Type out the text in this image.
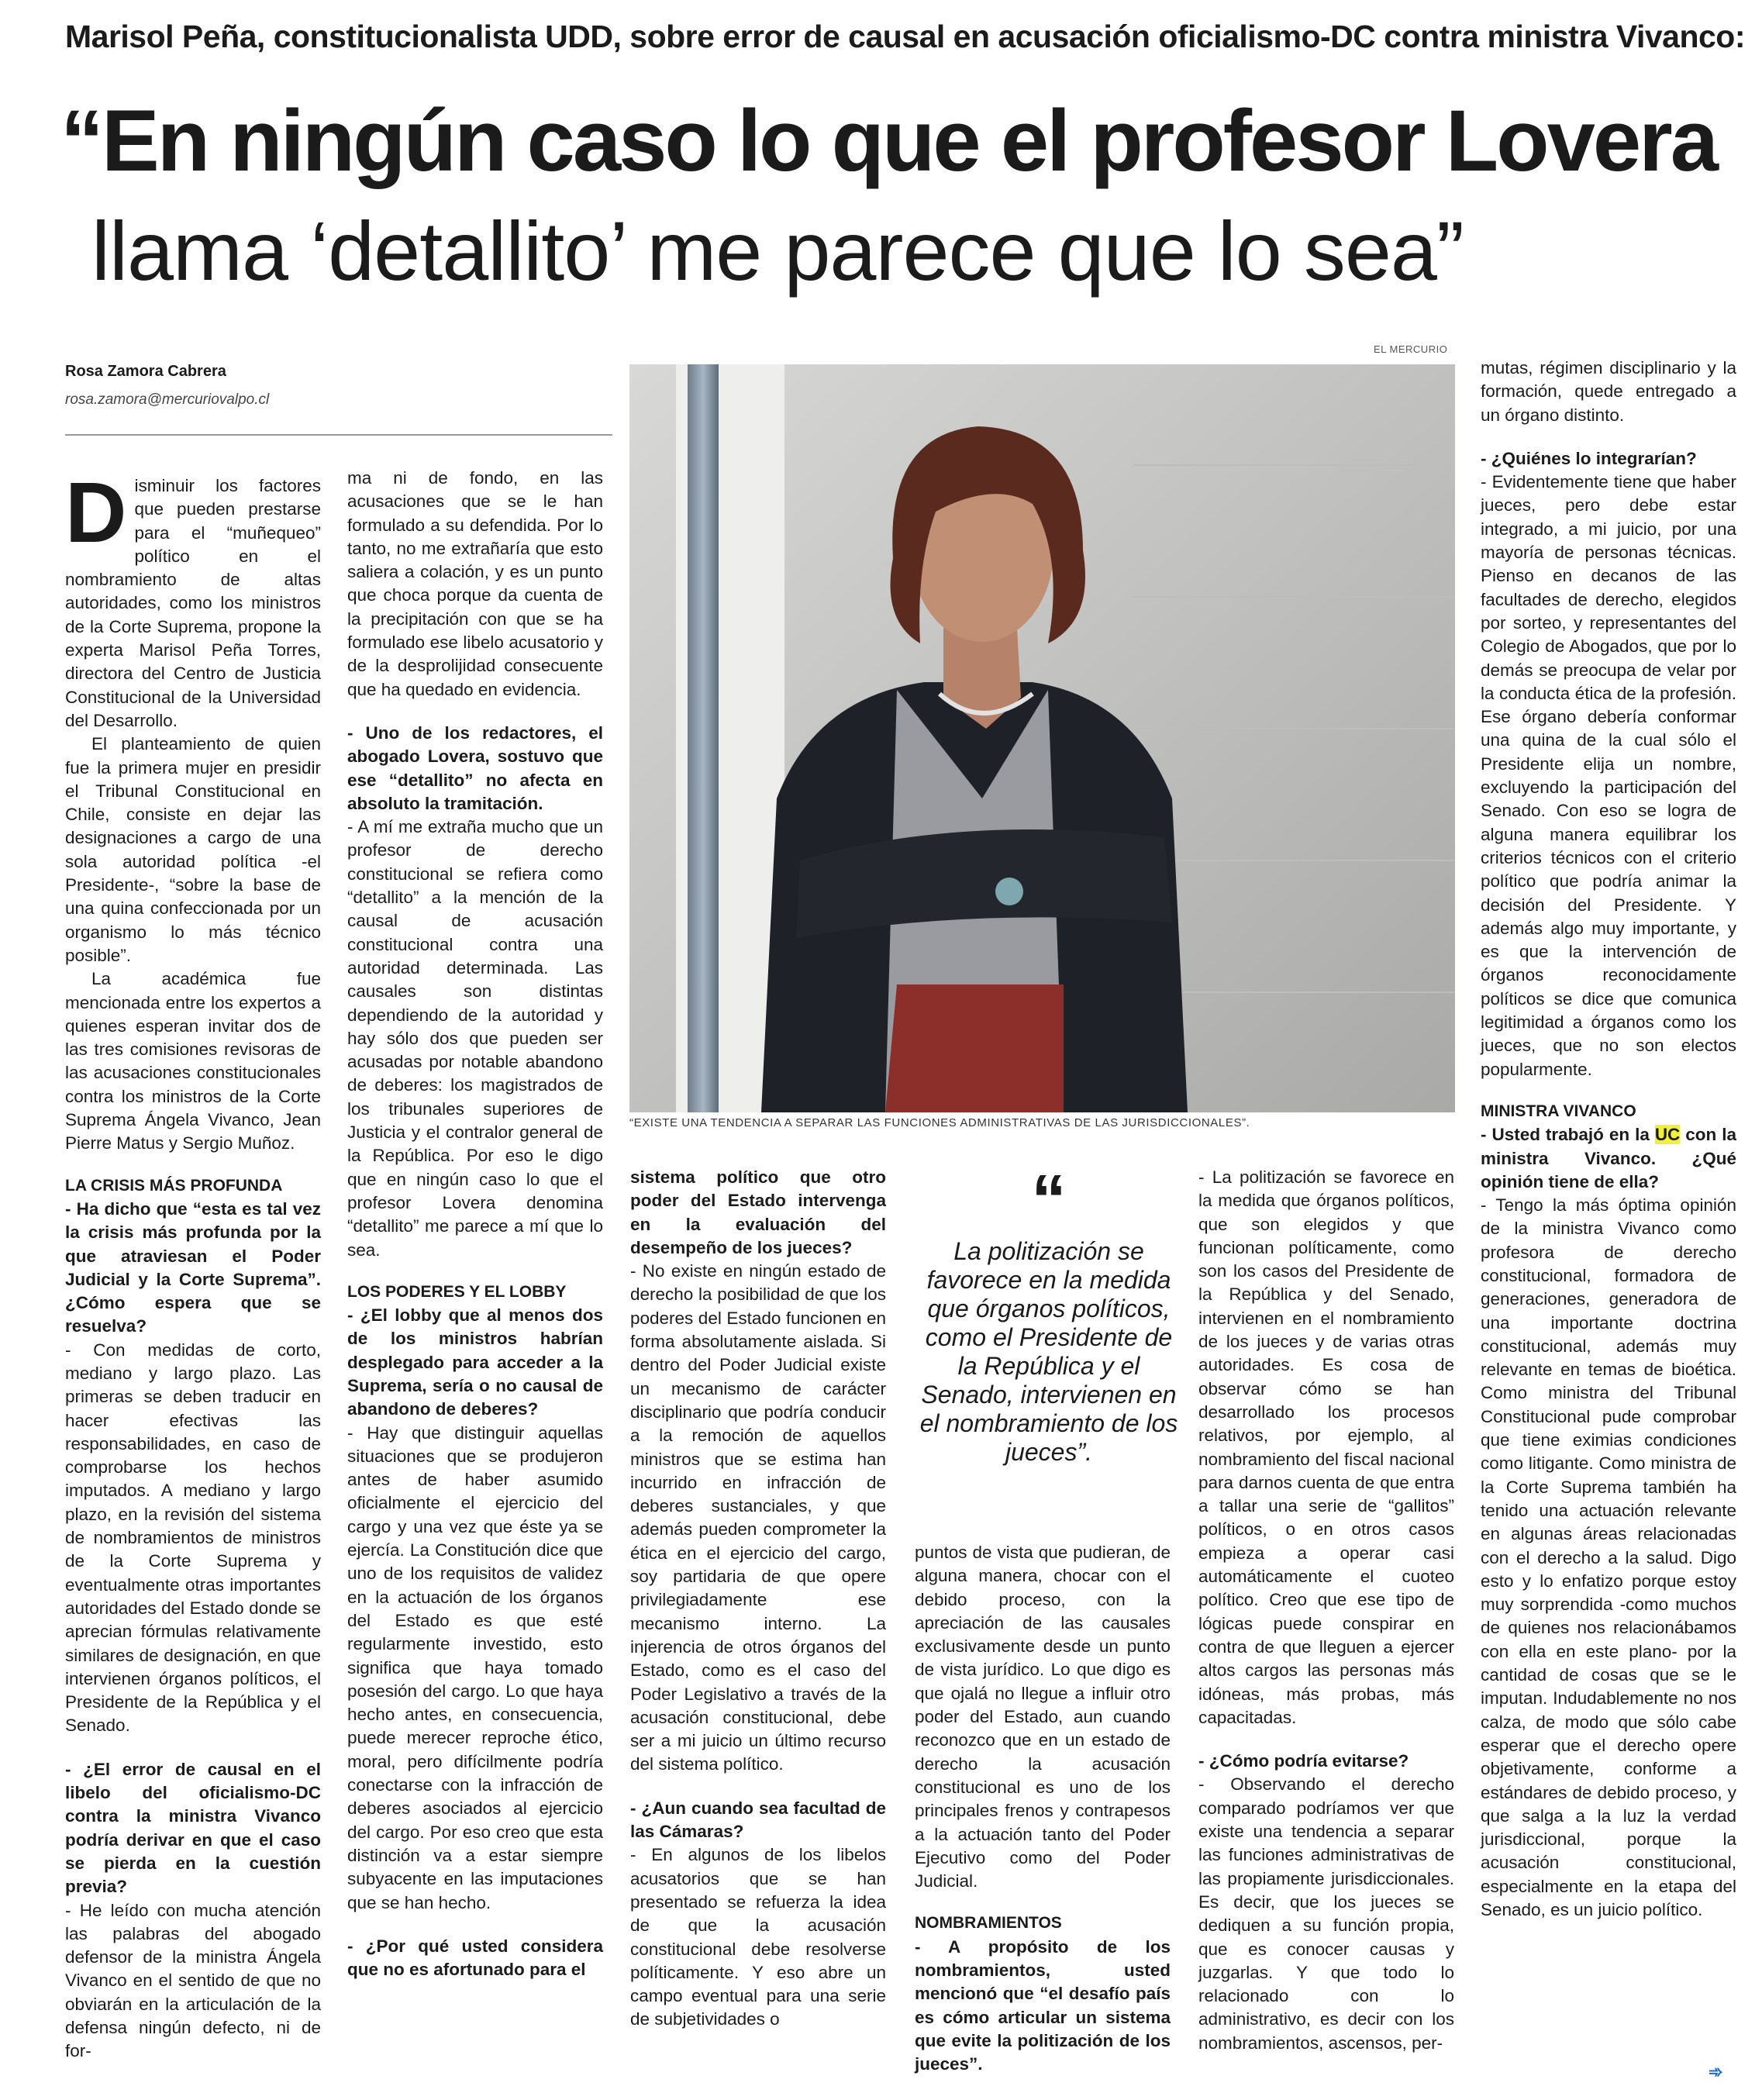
Marisol Peña, constitucionalista UDD, sobre error de causal en acusación oficialismo-DC contra ministra Vivanco:
“En ningún caso lo que el profesor Lovera
llama ‘detallito’ me parece que lo sea”
Rosa Zamora Cabrera
rosa.zamora@mercuriovalpo.cl
EL MERCURIO

Disminuir los factores que pueden prestarse para el “muñequeo” político en el nombramiento de altas autoridades, como los ministros de la Corte Suprema, propone la experta Marisol Peña Torres, directora del Centro de Justicia Constitucional de la Universidad del Desarrollo.

El planteamiento de quien fue la primera mujer en presidir el Tribunal Constitucional en Chile, consiste en dejar las designaciones a cargo de una sola autoridad política -el Presidente-, “sobre la base de una quina confeccionada por un organismo lo más técnico posible”.

La académica fue mencionada entre los expertos a quienes esperan invitar dos de las tres comisiones revisoras de las acusaciones constitucionales contra los ministros de la Corte Suprema Ángela Vivanco, Jean Pierre Matus y Sergio Muñoz.

LA CRISIS MÁS PROFUNDA

- Ha dicho que “esta es tal vez la crisis más profunda por la que atraviesan el Poder Judicial y la Corte Suprema”. ¿Cómo espera que se resuelva?

- Con medidas de corto, mediano y largo plazo. Las primeras se deben traducir en hacer efectivas las responsabilidades, en caso de comprobarse los hechos imputados. A mediano y largo plazo, en la revisión del sistema de nombramientos de ministros de la Corte Suprema y eventualmente otras importantes autoridades del Estado donde se aprecian fórmulas relativamente similares de designación, en que intervienen órganos políticos, el Presidente de la República y el Senado.

- ¿El error de causal en el libelo del oficialismo-DC contra la ministra Vivanco podría derivar en que el caso se pierda en la cuestión previa?

- He leído con mucha atención las palabras del abogado defensor de la ministra Ángela Vivanco en el sentido de que no obviarán en la articulación de la defensa ningún defecto, ni de for-

ma ni de fondo, en las acusaciones que se le han formulado a su defendida. Por lo tanto, no me extrañaría que esto saliera a colación, y es un punto que choca porque da cuenta de la precipitación con que se ha formulado ese libelo acusatorio y de la desprolijidad consecuente que ha quedado en evidencia.

- Uno de los redactores, el abogado Lovera, sostuvo que ese “detallito” no afecta en absoluto la tramitación.

- A mí me extraña mucho que un profesor de derecho constitucional se refiera como “detallito” a la mención de la causal de acusación constitucional contra una autoridad determinada. Las causales son distintas dependiendo de la autoridad y hay sólo dos que pueden ser acusadas por notable abandono de deberes: los magistrados de los tribunales superiores de Justicia y el contralor general de la República. Por eso le digo que en ningún caso lo que el profesor Lovera denomina “detallito” me parece a mí que lo sea.

LOS PODERES Y EL LOBBY

- ¿El lobby que al menos dos de los ministros habrían desplegado para acceder a la Suprema, sería o no causal de abandono de deberes?

- Hay que distinguir aquellas situaciones que se produjeron antes de haber asumido oficialmente el ejercicio del cargo y una vez que éste ya se ejercía. La Constitución dice que uno de los requisitos de validez en la actuación de los órganos del Estado es que esté regularmente investido, esto significa que haya tomado posesión del cargo. Lo que haya hecho antes, en consecuencia, puede merecer reproche ético, moral, pero difícilmente podría conectarse con la infracción de deberes asociados al ejercicio del cargo. Por eso creo que esta distinción va a estar siempre subyacente en las imputaciones que se han hecho.

- ¿Por qué usted considera que no es afortunado para el

“EXISTE UNA TENDENCIA A SEPARAR LAS FUNCIONES ADMINISTRATIVAS DE LAS JURISDICCIONALES”.

sistema político que otro poder del Estado intervenga en la evaluación del desempeño de los jueces?

- No existe en ningún estado de derecho la posibilidad de que los poderes del Estado funcionen en forma absolutamente aislada. Si dentro del Poder Judicial existe un mecanismo de carácter disciplinario que podría conducir a la remoción de aquellos ministros que se estima han incurrido en infracción de deberes sustanciales, y que además pueden comprometer la ética en el ejercicio del cargo, soy partidaria de que opere privilegiadamente ese mecanismo interno. La injerencia de otros órganos del Estado, como es el caso del Poder Legislativo a través de la acusación constitucional, debe ser a mi juicio un último recurso del sistema político.

- ¿Aun cuando sea facultad de las Cámaras?

- En algunos de los libelos acusatorios que se han presentado se refuerza la idea de que la acusación constitucional debe resolverse políticamente. Y eso abre un campo eventual para una serie de subjetividades o

“
La politización se favorece en la medida que órganos políticos, como el Presidente de la República y el Senado, intervienen en el nombramiento de los jueces”.

puntos de vista que pudieran, de alguna manera, chocar con el debido proceso, con la apreciación de las causales exclusivamente desde un punto de vista jurídico. Lo que digo es que ojalá no llegue a influir otro poder del Estado, aun cuando reconozco que en un estado de derecho la acusación constitucional es uno de los principales frenos y contrapesos a la actuación tanto del Poder Ejecutivo como del Poder Judicial.

NOMBRAMIENTOS

- A propósito de los nombramientos, usted mencionó que “el desafío país es cómo articular un sistema que evite la politización de los jueces”.

- La politización se favorece en la medida que órganos políticos, que son elegidos y que funcionan políticamente, como son los casos del Presidente de la República y del Senado, intervienen en el nombramiento de los jueces y de varias otras autoridades. Es cosa de observar cómo se han desarrollado los procesos relativos, por ejemplo, al nombramiento del fiscal nacional para darnos cuenta de que entra a tallar una serie de “gallitos” políticos, o en otros casos empieza a operar casi automáticamente el cuoteo político. Creo que ese tipo de lógicas puede conspirar en contra de que lleguen a ejercer altos cargos las personas más idóneas, más probas, más capacitadas.

- ¿Cómo podría evitarse?

- Observando el derecho comparado podríamos ver que existe una tendencia a separar las funciones administrativas de las propiamente jurisdiccionales. Es decir, que los jueces se dediquen a su función propia, que es conocer causas y juzgarlas. Y que todo lo relacionado con lo administrativo, es decir con los nombramientos, ascensos, per-

mutas, régimen disciplinario y la formación, quede entregado a un órgano distinto.

- ¿Quiénes lo integrarían?

- Evidentemente tiene que haber jueces, pero debe estar integrado, a mi juicio, por una mayoría de personas técnicas. Pienso en decanos de las facultades de derecho, elegidos por sorteo, y representantes del Colegio de Abogados, que por lo demás se preocupa de velar por la conducta ética de la profesión. Ese órgano debería conformar una quina de la cual sólo el Presidente elija un nombre, excluyendo la participación del Senado. Con eso se logra de alguna manera equilibrar los criterios técnicos con el criterio político que podría animar la decisión del Presidente. Y además algo muy importante, y es que la intervención de órganos reconocidamente políticos se dice que comunica legitimidad a órganos como los jueces, que no son electos popularmente.

MINISTRA VIVANCO

- Usted trabajó en la UC con la ministra Vivanco. ¿Qué opinión tiene de ella?

- Tengo la más óptima opinión de la ministra Vivanco como profesora de derecho constitucional, formadora de generaciones, generadora de una importante doctrina constitucional, además muy relevante en temas de bioética. Como ministra del Tribunal Constitucional pude comprobar que tiene eximias condiciones como litigante. Como ministra de la Corte Suprema también ha tenido una actuación relevante en algunas áreas relacionadas con el derecho a la salud. Digo esto y lo enfatizo porque estoy muy sorprendida -como muchos de quienes nos relacionábamos con ella en este plano- por la cantidad de cosas que se le imputan. Indudablemente no nos calza, de modo que sólo cabe esperar que el derecho opere objetivamente, conforme a estándares de debido proceso, y que salga a la luz la verdad jurisdiccional, porque la acusación constitucional, especialmente en la etapa del Senado, es un juicio político.

➾
